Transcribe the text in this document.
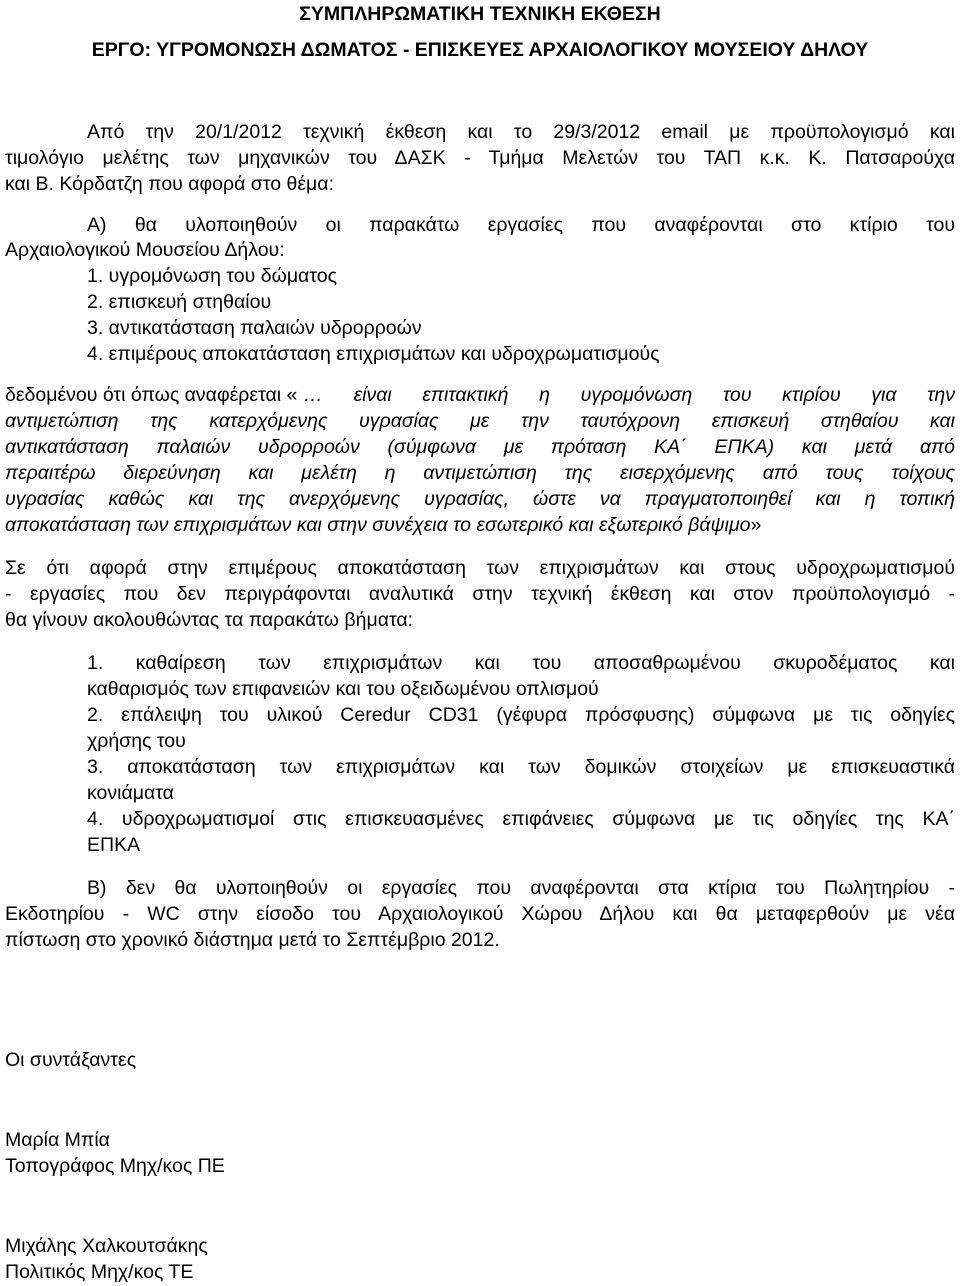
ΣΥΜΠΛΗΡΩΜΑΤΙΚΗ ΤΕΧΝΙΚΗ ΕΚΘΕΣΗ
ΕΡΓΟ: ΥΓΡΟΜΟΝΩΣΗ ΔΩΜΑΤΟΣ - ΕΠΙΣΚΕΥΕΣ ΑΡΧΑΙΟΛΟΓΙΚΟΥ ΜΟΥΣΕΙΟΥ ΔΗΛΟΥ
Από την 20/1/2012 τεχνική έκθεση και το 29/3/2012 email με προϋπολογισμό και
τιμολόγιο μελέτης των μηχανικών του ΔΑΣΚ - Τμήμα Μελετών του ΤΑΠ κ.κ. Κ. Πατσαρούχα
και Β. Κόρδατζη που αφορά στο θέμα:
Α) θα υλοποιηθούν οι παρακάτω εργασίες που αναφέρονται στο κτίριο του
Αρχαιολογικού Μουσείου Δήλου:
1. υγρομόνωση του δώματος
2. επισκευή στηθαίου
3. αντικατάσταση παλαιών υδρορροών
4. επιμέρους αποκατάσταση επιχρισμάτων και υδροχρωματισμούς
δεδομένου ότι όπως αναφέρεται « … είναι επιτακτική η υγρομόνωση του κτιρίου για την
αντιμετώπιση της κατερχόμενης υγρασίας με την ταυτόχρονη επισκευή στηθαίου και
αντικατάσταση παλαιών υδρορροών (σύμφωνα με πρόταση ΚΑ΄ ΕΠΚΑ) και μετά από
περαιτέρω διερεύνηση και μελέτη η αντιμετώπιση της εισερχόμενης από τους τοίχους
υγρασίας καθώς και της ανερχόμενης υγρασίας, ώστε να πραγματοποιηθεί και η τοπική
αποκατάσταση των επιχρισμάτων και στην συνέχεια το εσωτερικό και εξωτερικό βάψιμο»
Σε ότι αφορά στην επιμέρους αποκατάσταση των επιχρισμάτων και στους υδροχρωματισμού
- εργασίες που δεν περιγράφονται αναλυτικά στην τεχνική έκθεση και στον προϋπολογισμό -
θα γίνουν ακολουθώντας τα παρακάτω βήματα:
1. καθαίρεση των επιχρισμάτων και του αποσαθρωμένου σκυροδέματος και
καθαρισμός των επιφανειών και του οξειδωμένου οπλισμού
2. επάλειψη του υλικού Ceredur CD31 (γέφυρα πρόσφυσης) σύμφωνα με τις οδηγίες
χρήσης του
3. αποκατάσταση των επιχρισμάτων και των δομικών στοιχείων με επισκευαστικά
κονιάματα
4. υδροχρωματισμοί στις επισκευασμένες επιφάνειες σύμφωνα με τις οδηγίες της ΚΑ΄
ΕΠΚΑ
Β) δεν θα υλοποιηθούν οι εργασίες που αναφέρονται στα κτίρια του Πωλητηρίου -
Εκδοτηρίου - WC στην είσοδο του Αρχαιολογικού Χώρου Δήλου και θα μεταφερθούν με νέα
πίστωση στο χρονικό διάστημα μετά το Σεπτέμβριο 2012.
Οι συντάξαντες
Μαρία Μπία
Τοπογράφος Μηχ/κος ΠΕ
Μιχάλης Χαλκουτσάκης
Πολιτικός Μηχ/κος ΤΕ
